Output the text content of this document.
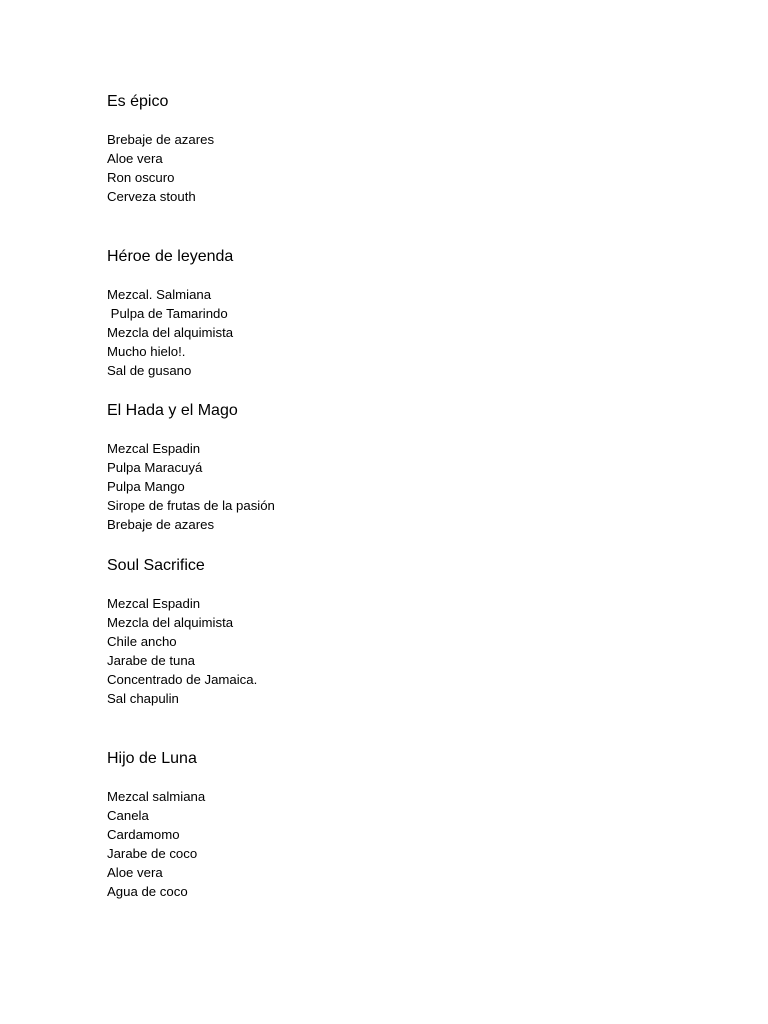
Es épico
Brebaje de azares
Aloe vera
Ron oscuro
Cerveza stouth
Héroe de leyenda
Mezcal. Salmiana
Pulpa de Tamarindo
Mezcla del alquimista
Mucho hielo!.
Sal de gusano
El Hada y el Mago
Mezcal Espadin
Pulpa Maracuyá
Pulpa Mango
Sirope de frutas de la pasión
Brebaje de azares
Soul Sacrifice
Mezcal Espadin
Mezcla del alquimista
Chile ancho
Jarabe de tuna
Concentrado de Jamaica.
Sal chapulin
Hijo de Luna
Mezcal salmiana
Canela
Cardamomo
Jarabe de coco
Aloe vera
Agua de coco
